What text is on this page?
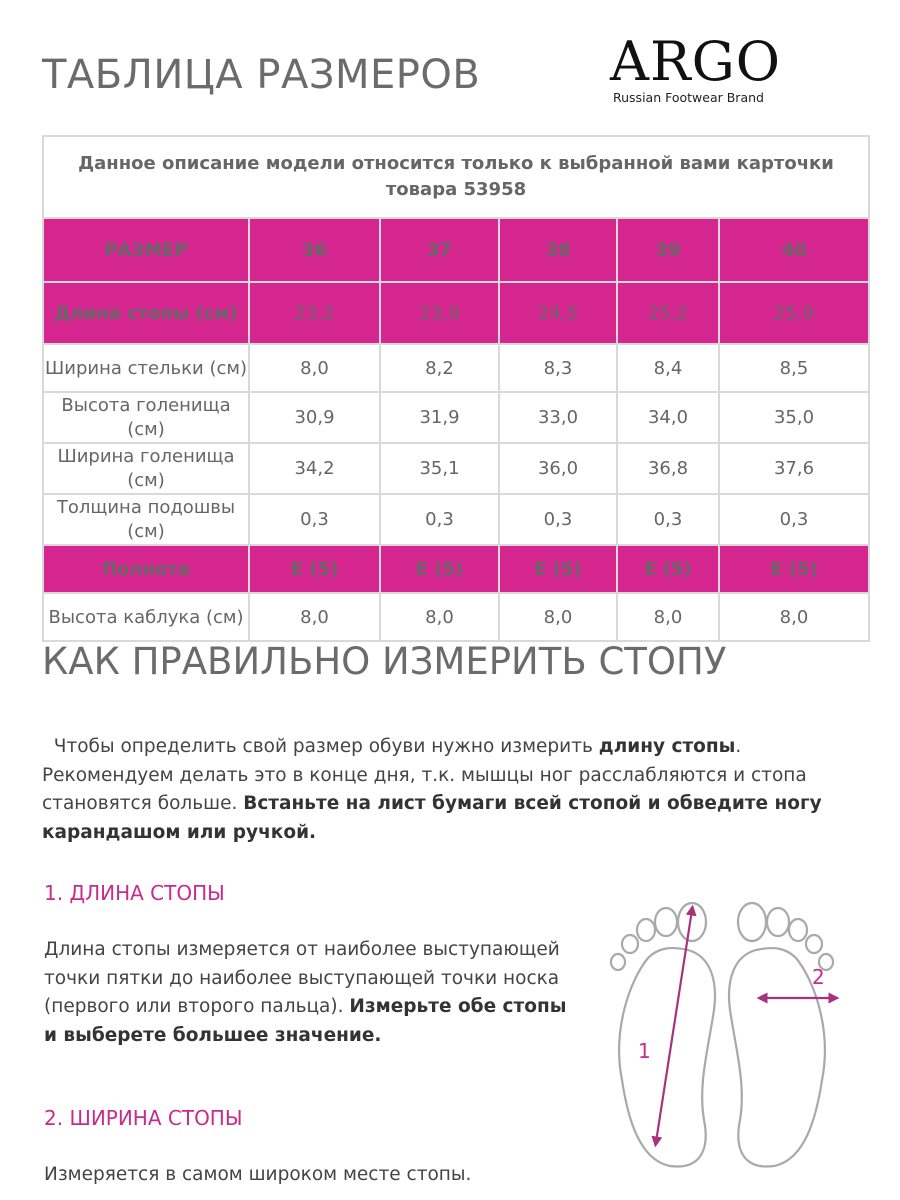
ТАБЛИЦА РАЗМЕРОВ ARGO
Russian Footwear Brand
Данное описание модели относится только к выбранной вами карточки товара 53958					
РАЗМЕР	36	37	38	39	40
Длина стопы (см)	23,2	23,9	24,5	25,2	25,9
Ширина стельки (см)	8,0	8,2	8,3	8,4	8,5
Высота голенища (см)	30,9	31,9	33,0	34,0	35,0
Ширина голенища (см)	34,2	35,1	36,0	36,8	37,6
Толщина подошвы (см)	0,3	0,3	0,3	0,3	0,3
Полнота	E (5)	E (5)	E (5)	E (5)	E (5)
Высота каблука (см)	8,0	8,0	8,0	8,0	8,0
КАК ПРАВИЛЬНО ИЗМЕРИТЬ СТОПУ
Чтобы определить свой размер обуви нужно измерить длину стопы. Рекомендуем делать это в конце дня, т.к. мышцы ног расслабляются и стопа становятся больше. Встаньте на лист бумаги всей стопой и обведите ногу карандашом или ручкой.
1. ДЛИНА СТОПЫ
Длина стопы измеряется от наиболее выступающей точки пятки до наиболее выступающей точки носка (первого или второго пальца). Измерьте обе стопы и выберете большее значение.
2. ШИРИНА СТОПЫ
Измеряется в самом широком месте стопы.
1
2
